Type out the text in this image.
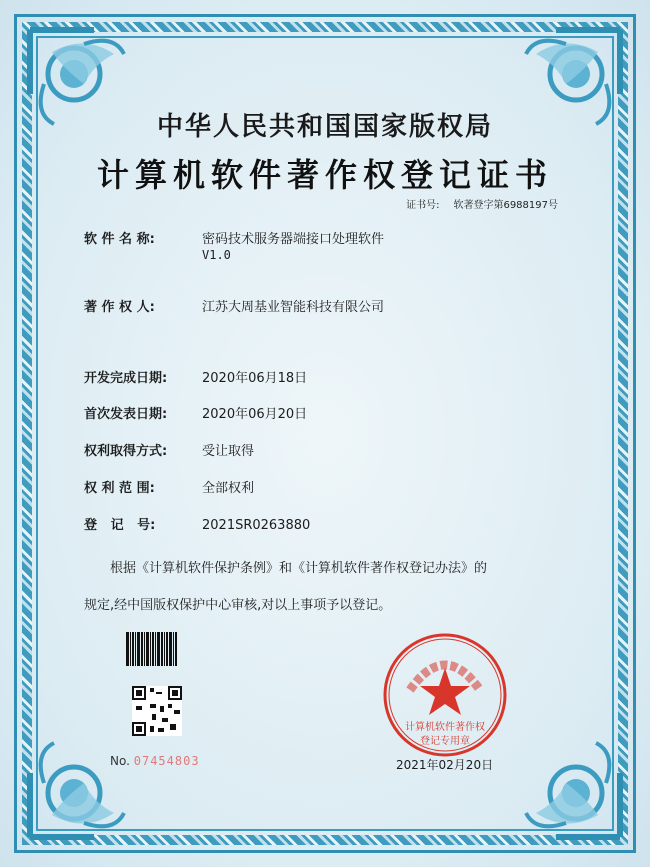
中华人民共和国国家版权局
计算机软件著作权登记证书
证书号: 软著登字第6988197号
软 件 名 称:	密码技术服务器端接口处理软件
V1.0
著 作 权 人:	江苏大周基业智能科技有限公司
开发完成日期:	2020年06月18日
首次发表日期:	2020年06月20日
权利取得方式:	受让取得
权 利 范 围:	全部权利
登   记   号:	2021SR0263880
根据《计算机软件保护条例》和《计算机软件著作权登记办法》的
规定,经中国版权保护中心审核,对以上事项予以登记。
No. 07454803
计算机软件著作权
登记专用章
2021年02月20日
